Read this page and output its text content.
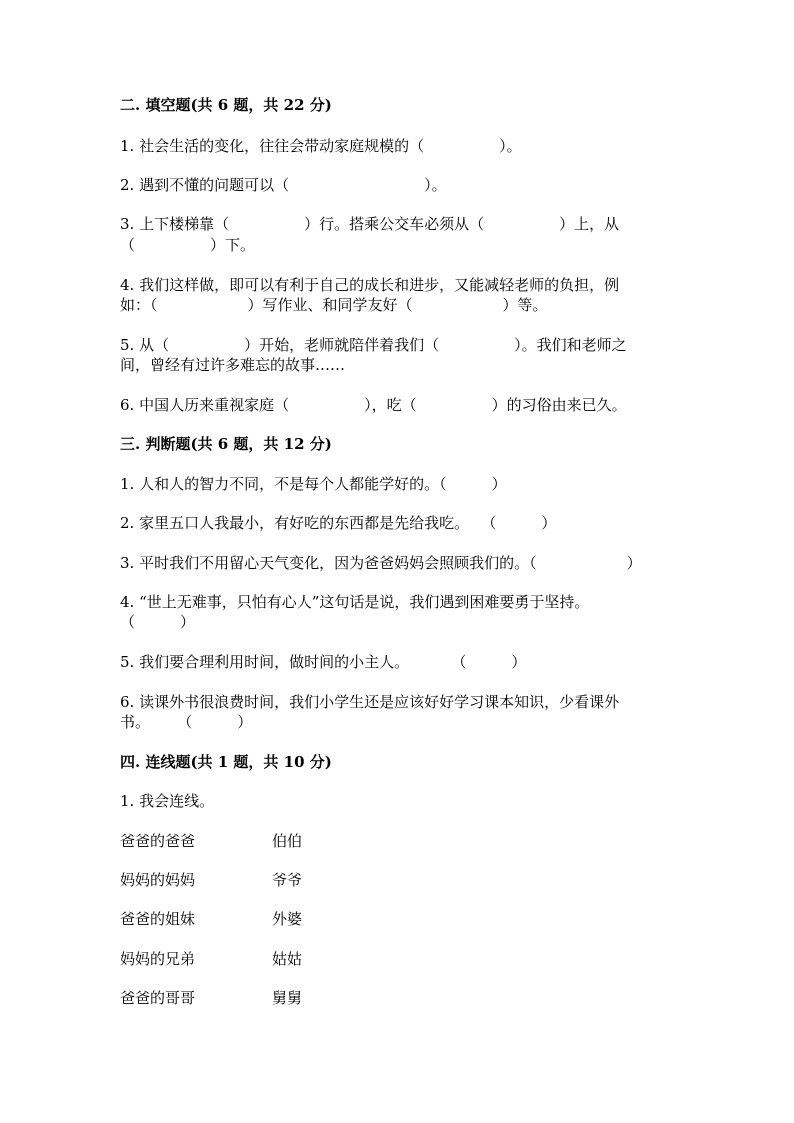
二. 填空题(共 6 题，共 22 分)
1. 社会生活的变化，往往会带动家庭规模的（　　　　　）。
2. 遇到不懂的问题可以（　　　　　　　　　）。
3. 上下楼梯靠（　　　　　）行。搭乘公交车必须从（　　　　　）上，从
（　　　　　）下。
4. 我们这样做，即可以有利于自己的成长和进步，又能减轻老师的负担，例
如：（　　　　　　）写作业、和同学友好（　　　　　　）等。
5. 从（　　　　　）开始，老师就陪伴着我们（　　　　　）。我们和老师之
间，曾经有过许多难忘的故事……
6. 中国人历来重视家庭（　　　　　），吃（　　　　　）的习俗由来已久。
三. 判断题(共 6 题，共 12 分)
1. 人和人的智力不同，不是每个人都能学好的。（　　　）
2. 家里五口人我最小，有好吃的东西都是先给我吃。　 （　　　）
3. 平时我们不用留心天气变化，因为爸爸妈妈会照顾我们的。（　　　　　　）
4. “世上无难事，只怕有心人”这句话是说，我们遇到困难要勇于坚持。
（　　　）
5. 我们要合理利用时间，做时间的小主人。　　　 （　　　）
6. 读课外书很浪费时间，我们小学生还是应该好好学习课本知识，少看课外
书。　　 （　　　）
四. 连线题(共 1 题，共 10 分)
1. 我会连线。
爸爸的爸爸	伯伯
妈妈的妈妈	爷爷
爸爸的姐妹	外婆
妈妈的兄弟	姑姑
爸爸的哥哥	舅舅
